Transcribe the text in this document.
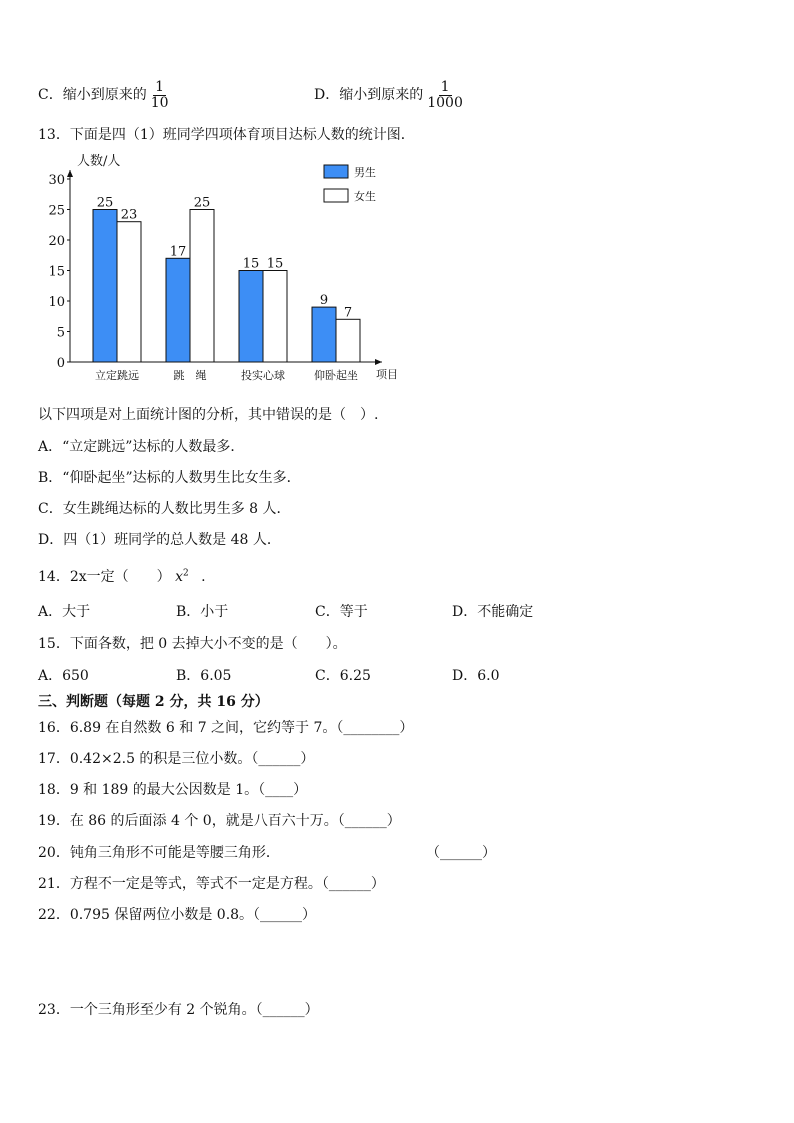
C．缩小到原来的 $\frac{1}{10}$	D．缩小到原来的 $\frac{1}{1000}$
13．下面是四（1）班同学四项体育项目达标人数的统计图．
0
5
10
15
20
25
30
人数/人
项目
25
23
立定跳远
17
25
跳　绳
15 15
投实心球
9
7
仰卧起坐
男生
女生
以下四项是对上面统计图的分析，其中错误的是（　）.
A．“立定跳远”达标的人数最多．
B．“仰卧起坐”达标的人数男生比女生多．
C．女生跳绳达标的人数比男生多 8 人．
D．四（1）班同学的总人数是 48 人．
14．2x一定（　　） $x^2$ .
A．大于	B．小于	C．等于	D．不能确定
15．下面各数，把 0 去掉大小不变的是（　　）。
A．650	B．6.05	C．6.25	D．6.0
三、判断题（每题 2 分，共 16 分）
16．6.89 在自然数 6 和 7 之间，它约等于 7。（________）
17．0.42×2.5 的积是三位小数。（______）
18．9 和 189 的最大公因数是 1。（____）
19．在 86 的后面添 4 个 0，就是八百六十万。（______）
20．钝角三角形不可能是等腰三角形．	（______）
21．方程不一定是等式，等式不一定是方程。（______）
22．0.795 保留两位小数是 0.8。（______）
23．一个三角形至少有 2 个锐角。（______）
